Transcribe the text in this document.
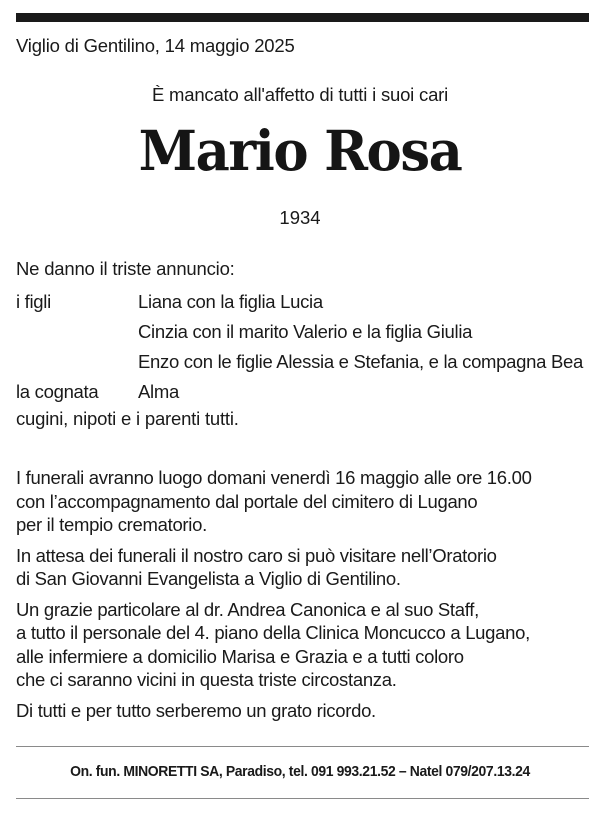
Viglio di Gentilino, 14 maggio 2025
È mancato all'affetto di tutti i suoi cari
Mario Rosa
1934
Ne danno il triste annuncio:
i figli	Liana con la figlia Lucia
Cinzia con il marito Valerio e la figlia Giulia
Enzo con le figlie Alessia e Stefania, e la compagna Bea
la cognata	Alma
cugini, nipoti e i parenti tutti.
I funerali avranno luogo domani venerdì 16 maggio alle ore 16.00
con l’accompagnamento dal portale del cimitero di Lugano
per il tempio crematorio.
In attesa dei funerali il nostro caro si può visitare nell’Oratorio
di San Giovanni Evangelista a Viglio di Gentilino.
Un grazie particolare al dr. Andrea Canonica e al suo Staff,
a tutto il personale del 4. piano della Clinica Moncucco a Lugano,
alle infermiere a domicilio Marisa e Grazia e a tutti coloro
che ci saranno vicini in questa triste circostanza.
Di tutti e per tutto serberemo un grato ricordo.
On. fun. MINORETTI SA, Paradiso, tel. 091 993.21.52 – Natel 079/207.13.24
